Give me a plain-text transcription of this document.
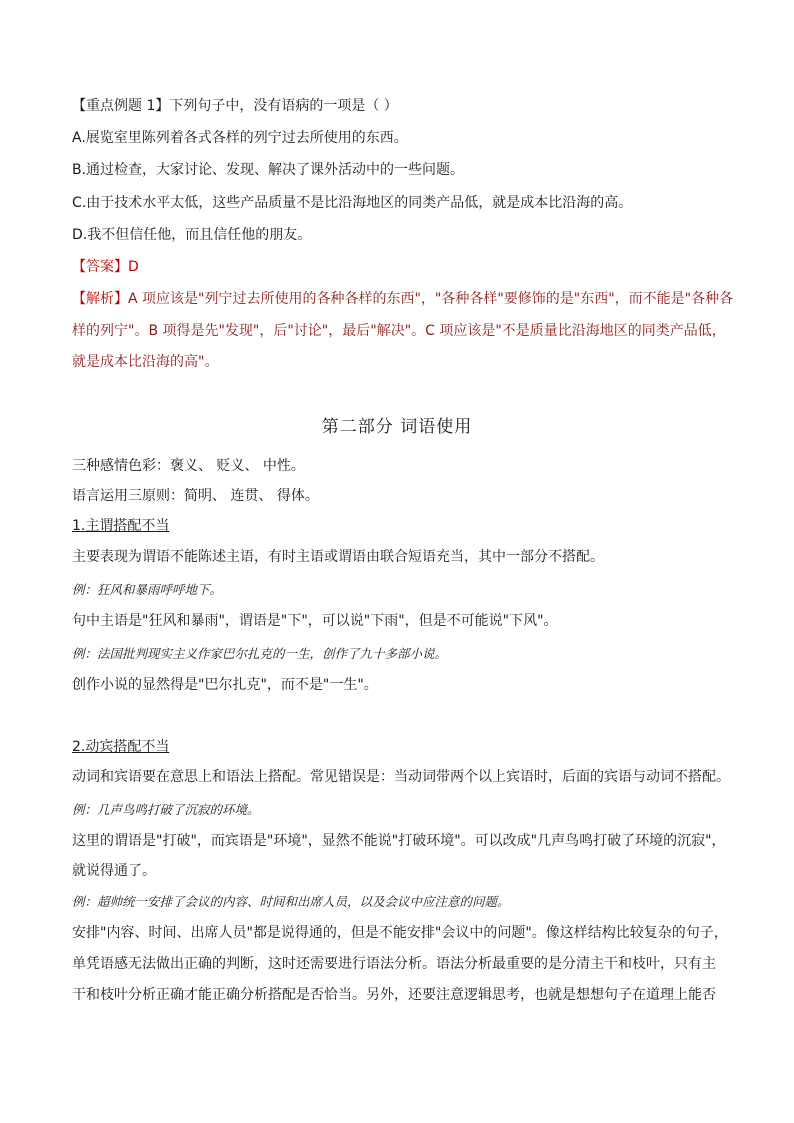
【重点例题 1】下列句子中，没有语病的一项是（ ）

A.展览室里陈列着各式各样的列宁过去所使用的东西。

B.通过检查，大家讨论、发现、解决了课外活动中的一些问题。

C.由于技术水平太低，这些产品质量不是比沿海地区的同类产品低，就是成本比沿海的高。

D.我不但信任他，而且信任他的朋友。

【答案】D

【解析】A 项应该是"列宁过去所使用的各种各样的东西"，"各种各样"要修饰的是"东西"，而不能是"各种各

样的列宁"。B 项得是先"发现"，后"讨论"，最后"解决"。C 项应该是"不是质量比沿海地区的同类产品低，

就是成本比沿海的高"。

第二部分 词语使用

三种感情色彩：褒义、 贬义、 中性。

语言运用三原则：简明、 连贯、 得体。

1.主谓搭配不当

主要表现为谓语不能陈述主语，有时主语或谓语由联合短语充当，其中一部分不搭配。

例：狂风和暴雨呼呼地下。

句中主语是"狂风和暴雨"，谓语是"下"，可以说"下雨"，但是不可能说"下风"。

例：法国批判现实主义作家巴尔扎克的一生，创作了九十多部小说。

创作小说的显然得是"巴尔扎克"，而不是"一生"。

2.动宾搭配不当

动词和宾语要在意思上和语法上搭配。常见错误是：当动词带两个以上宾语时，后面的宾语与动词不搭配。

例：几声鸟鸣打破了沉寂的环境。

这里的谓语是"打破"，而宾语是"环境"，显然不能说"打破环境"。可以改成"几声鸟鸣打破了环境的沉寂"，

就说得通了。

例：超帅统一安排了会议的内容、时间和出席人员，以及会议中应注意的问题。

安排"内容、时间、出席人员"都是说得通的，但是不能安排"会议中的问题"。像这样结构比较复杂的句子，

单凭语感无法做出正确的判断，这时还需要进行语法分析。语法分析最重要的是分清主干和枝叶，只有主

干和枝叶分析正确才能正确分析搭配是否恰当。另外，还要注意逻辑思考，也就是想想句子在道理上能否
